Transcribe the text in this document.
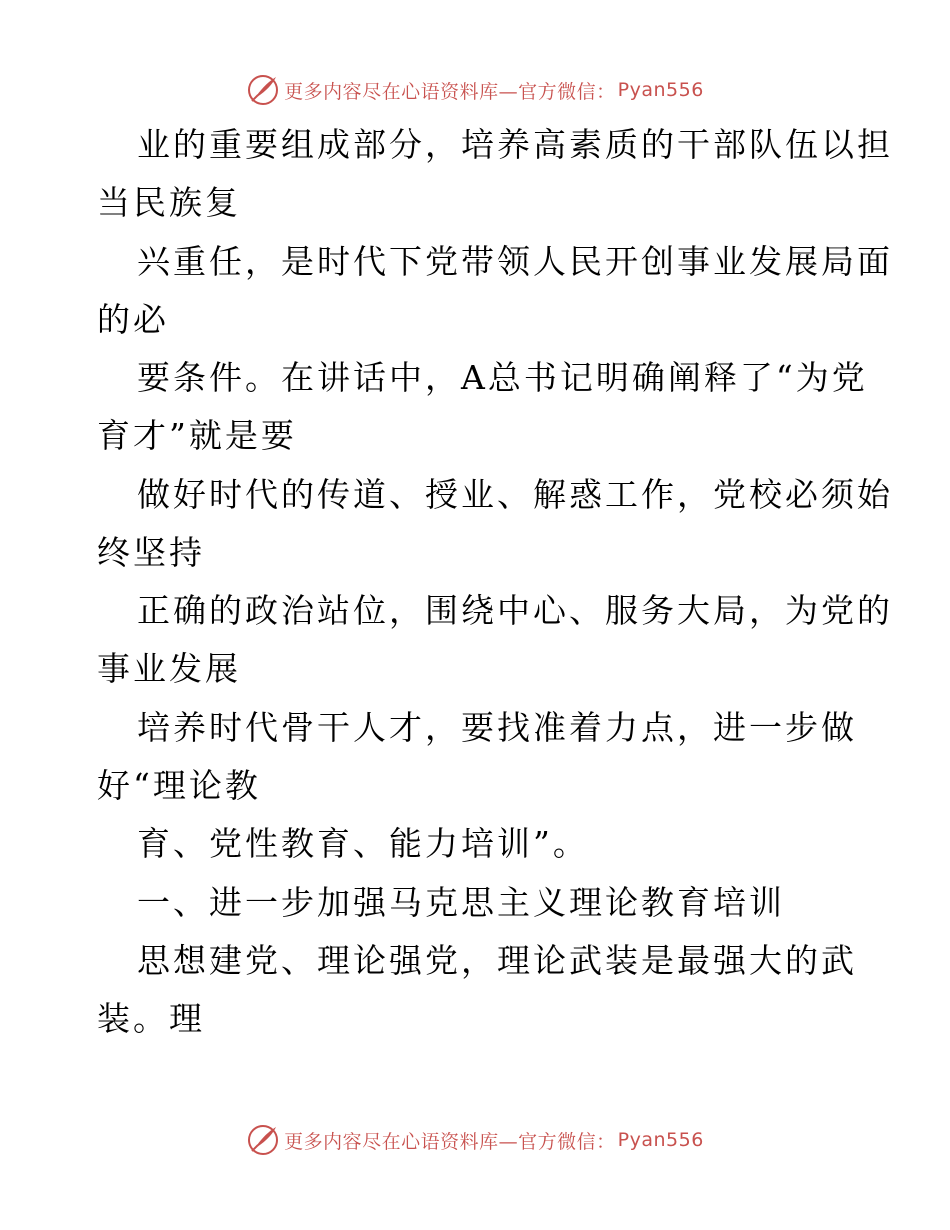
更多内容尽在心语资料库—官方微信： Pyan556
业的重要组成部分，培养高素质的干部队伍以担
当民族复
兴重任，是时代下党带领人民开创事业发展局面
的必
要条件。在讲话中，A总书记明确阐释了“为党
育才”就是要
做好时代的传道、授业、解惑工作，党校必须始
终坚持
正确的政治站位，围绕中心、服务大局，为党的
事业发展
培养时代骨干人才，要找准着力点，进一步做
好“理论教
育、党性教育、能力培训”。
一、进一步加强马克思主义理论教育培训
思想建党、理论强党，理论武装是最强大的武
装。理
更多内容尽在心语资料库—官方微信： Pyan556
